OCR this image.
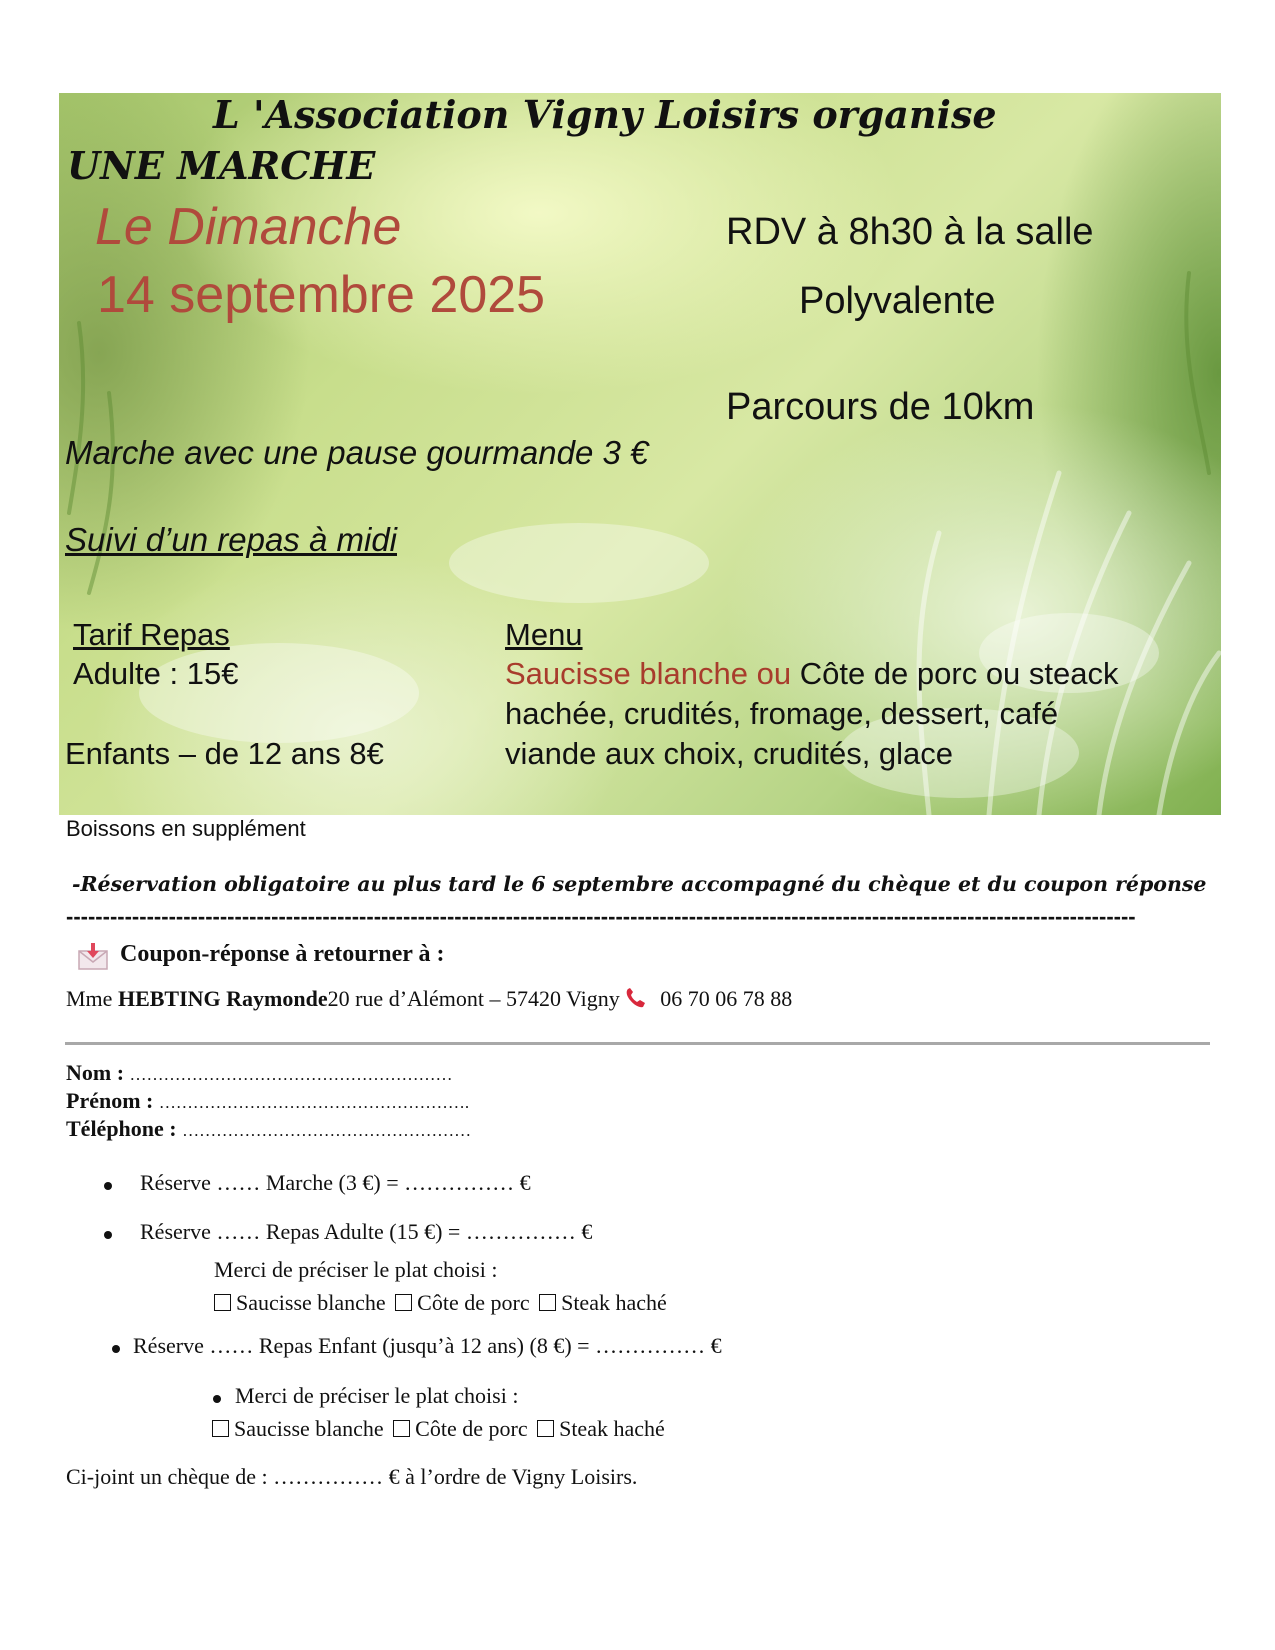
L 'Association Vigny Loisirs organise
UNE MARCHE
Le Dimanche
14 septembre 2025
RDV à 8h30 à la salle
Polyvalente
Parcours de 10km
Marche avec une pause gourmande 3 €
Suivi d’un repas à midi
Tarif Repas
Adulte : 15€
Enfants – de 12 ans 8€
Menu
Saucisse blanche ou Côte de porc ou steack
hachée, crudités, fromage, dessert, café
viande aux choix, crudités, glace
Boissons en supplément
-Réservation obligatoire au plus tard le 6 septembre accompagné du chèque et du coupon réponse
--------------------------------------------------------------------------------------------------------------------------------------------------
Coupon-réponse à retourner à :
Mme HEBTING Raymonde20 rue d’Alémont – 57420 Vigny 06 70 06 78 88
Nom : …………………………………………………
Prénom : ……………………………………………….
Téléphone : ……………………………………………
Réserve …… Marche (3 €) = …………… €
Réserve …… Repas Adulte (15 €) = …………… €
Merci de préciser le plat choisi :
Saucisse blanche Côte de porc Steak haché
Réserve …… Repas Enfant (jusqu’à 12 ans) (8 €) = …………… €
Merci de préciser le plat choisi :
Saucisse blanche Côte de porc Steak haché
Ci-joint un chèque de : …………… € à l’ordre de Vigny Loisirs.
